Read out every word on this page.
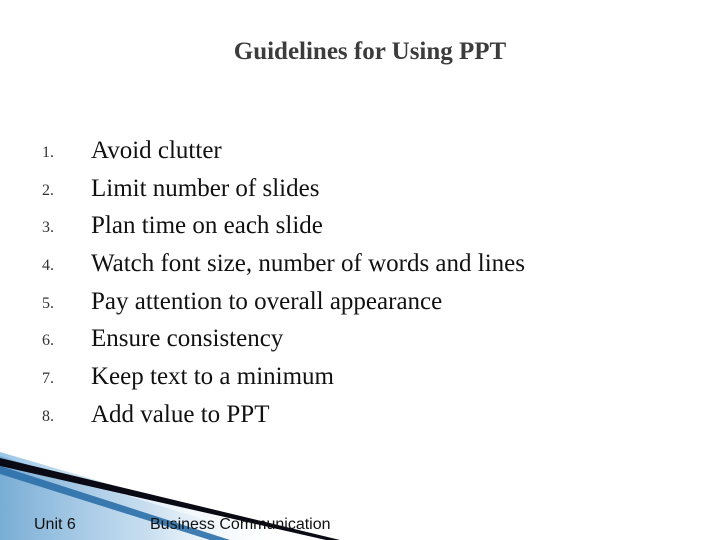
Guidelines for Using PPT
1. Avoid clutter
2. Limit number of slides
3. Plan time on each slide
4. Watch font size, number of words and lines
5. Pay attention to overall appearance
6. Ensure consistency
7. Keep text to a minimum
8. Add value to PPT
Unit 6	Business Communication
